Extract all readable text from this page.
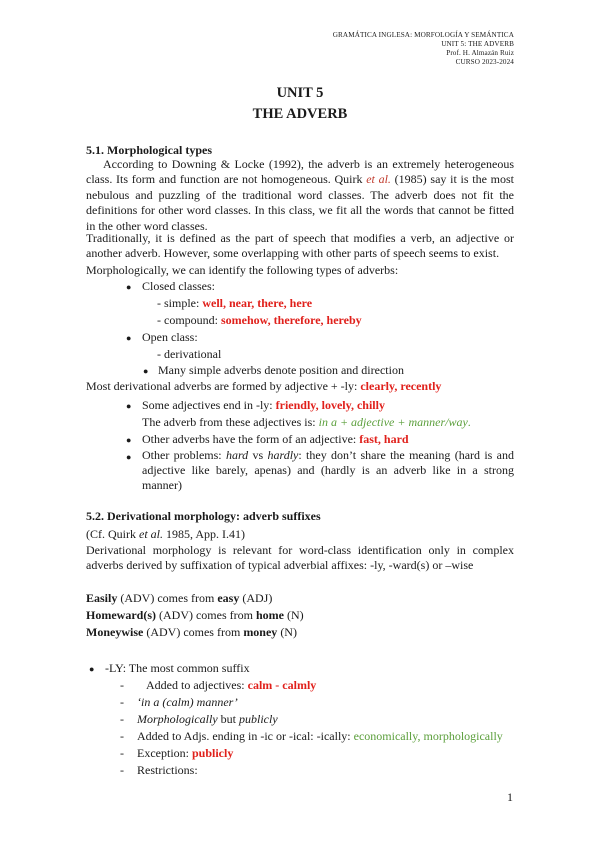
GRAMÁTICA INGLESA: MORFOLOGÍA Y SEMÁNTICA
UNIT 5: THE ADVERB
Prof. H. Almazán Ruiz
CURSO 2023-2024
UNIT 5
THE ADVERB
5.1. Morphological types
According to Downing & Locke (1992), the adverb is an extremely heterogeneous class. Its form and function are not homogeneous. Quirk et al. (1985) say it is the most nebulous and puzzling of the traditional word classes. The adverb does not fit the definitions for other word classes. In this class, we fit all the words that cannot be fitted in the other word classes.
Traditionally, it is defined as the part of speech that modifies a verb, an adjective or another adverb. However, some overlapping with other parts of speech seems to exist.
Morphologically, we can identify the following types of adverbs:
● Closed classes:
- simple: well, near, there, here
- compound: somehow, therefore, hereby
● Open class:
- derivational
● Many simple adverbs denote position and direction
Most derivational adverbs are formed by adjective + -ly: clearly, recently
● Some adjectives end in -ly: friendly, lovely, chilly
The adverb from these adjectives is: in a + adjective + manner/way.
● Other adverbs have the form of an adjective: fast, hard
● Other problems: hard vs hardly: they don’t share the meaning (hard is and adjective like barely, apenas) and (hardly is an adverb like in a strong manner)
5.2. Derivational morphology: adverb suffixes
(Cf. Quirk et al. 1985, App. I.41)
Derivational morphology is relevant for word-class identification only in complex adverbs derived by suffixation of typical adverbial affixes: -ly, -ward(s) or –wise
Easily (ADV) comes from easy (ADJ)
Homeward(s) (ADV) comes from home (N)
Moneywise (ADV) comes from money (N)
● -LY: The most common suffix
- Added to adjectives: calm - calmly
- ‘in a (calm) manner’
- Morphologically but publicly
- Added to Adjs. ending in -ic or -ical: -ically: economically, morphologically
- Exception: publicly
- Restrictions:
1
